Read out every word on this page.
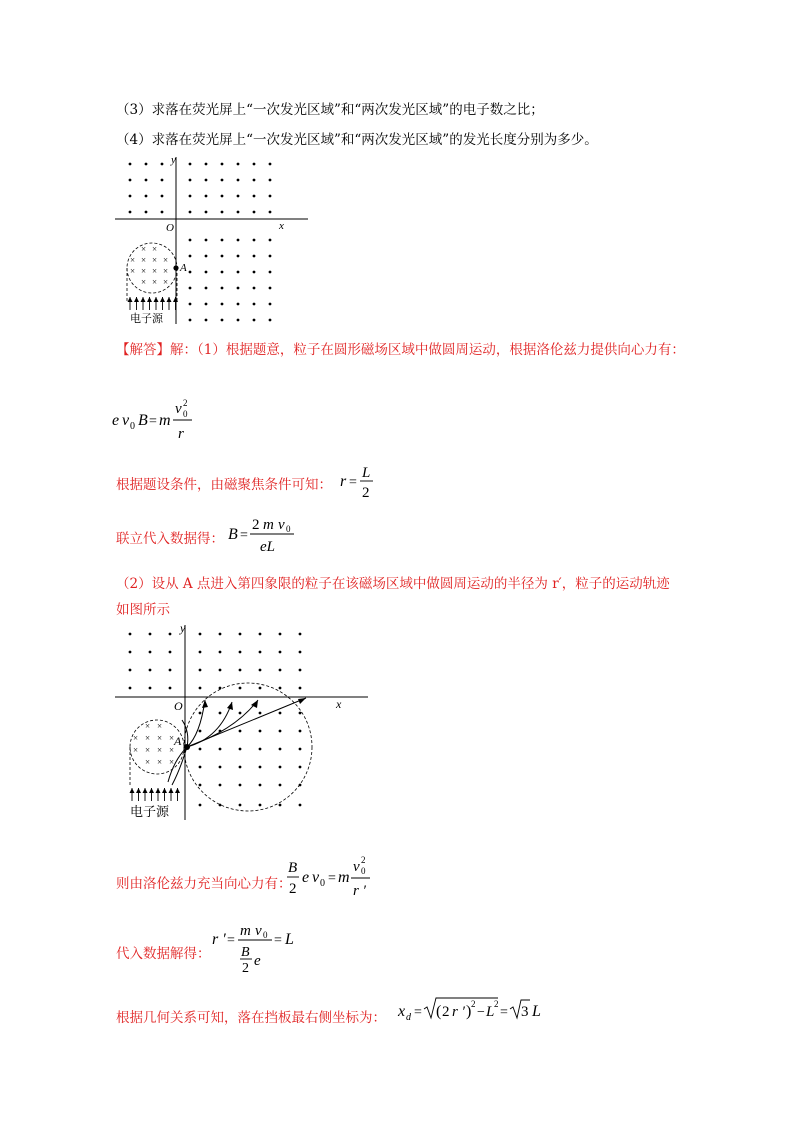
（3）求落在荧光屏上“一次发光区域”和“两次发光区域”的电子数之比；
（4）求落在荧光屏上“一次发光区域”和“两次发光区域”的发光长度分别为多少。
y
x
O
×
×
×
×
×
×
×
×
×
×
×
×
×
A
电子源
【解答】解：（1）根据题意，粒子在圆形磁场区域中做圆周运动，根据洛伦兹力提供向心力有：
e v 0 B = m
v 2
0
r
根据题设条件，由磁聚焦条件可知： r =
L
2
联立代入数据得： B =
2 m v 0
eL
（2）设从 A 点进入第四象限的粒子在该磁场区域中做圆周运动的半径为 r′，粒子的运动轨迹
如图所示
y
x
O
×
×
×
×
×
×
×
×
×
×
×
×
×
A
电子源
则由洛伦兹力充当向心力有：
B
2
e v 0 = m
v 2
0
r ′
代入数据解得：
r ′ =
m v 0
B
2 e
= L
根据几何关系可知，落在挡板最右侧坐标为： x d = ( 2 r ′ ) 2
− L 2
= 3 L
